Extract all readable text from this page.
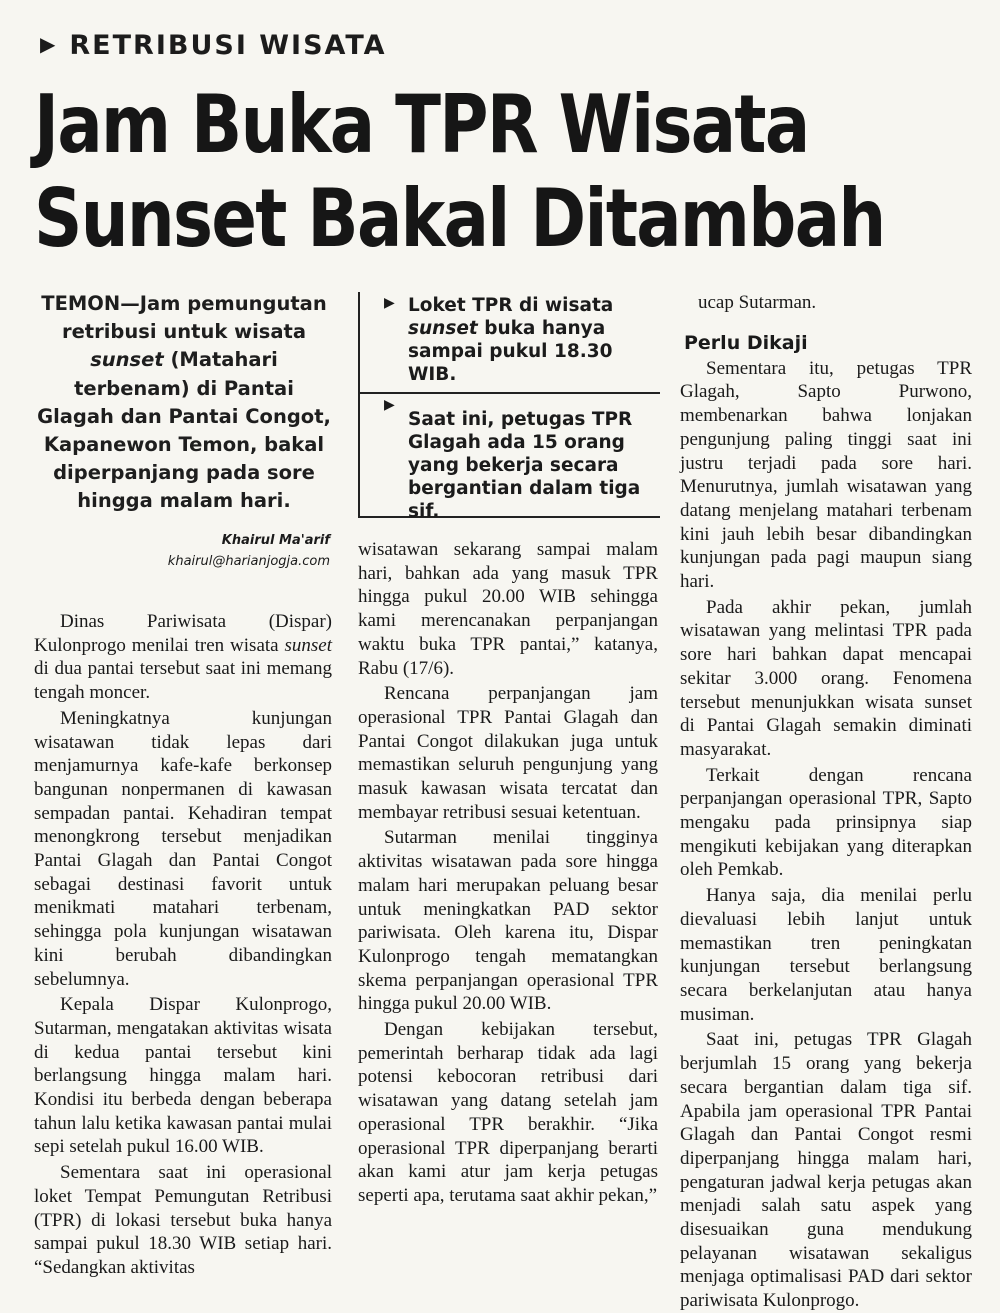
▶ RETRIBUSI WISATA
Jam Buka TPR Wisata
Sunset Bakal Ditambah
TEMON—Jam pemungutan retribusi untuk wisata sunset (Matahari terbenam) di Pantai Glagah dan Pantai Congot, Kapanewon Temon, bakal diperpanjang pada sore hingga malam hari.
Khairul Ma'arif
khairul@harianjogja.com
▶ Loket TPR di wisata sunset buka hanya sampai pukul 18.30 WIB.
▶
Saat ini, petugas TPR Glagah ada 15 orang yang bekerja secara bergantian dalam tiga sif.

Dinas Pariwisata (Dispar) Kulonprogo menilai tren wisata sunset di dua pantai tersebut saat ini memang tengah moncer.

Meningkatnya kunjungan wisatawan tidak lepas dari menjamurnya kafe-kafe berkonsep bangunan nonpermanen di kawasan sempadan pantai. Kehadiran tempat menongkrong tersebut menjadikan Pantai Glagah dan Pantai Congot sebagai destinasi favorit untuk menikmati matahari terbenam, sehingga pola kunjungan wisatawan kini berubah dibandingkan sebelumnya.

Kepala Dispar Kulonprogo, Sutarman, mengatakan aktivitas wisata di kedua pantai tersebut kini berlangsung hingga malam hari. Kondisi itu berbeda dengan beberapa tahun lalu ketika kawasan pantai mulai sepi setelah pukul 16.00 WIB.

Sementara saat ini operasional loket Tempat Pemungutan Retribusi (TPR) di lokasi tersebut buka hanya sampai pukul 18.30 WIB setiap hari. “Sedangkan aktivitas

wisatawan sekarang sampai malam hari, bahkan ada yang masuk TPR hingga pukul 20.00 WIB sehingga kami merencanakan perpanjangan waktu buka TPR pantai,” katanya, Rabu (17/6).

Rencana perpanjangan jam operasional TPR Pantai Glagah dan Pantai Congot dilakukan juga untuk memastikan seluruh pengunjung yang masuk kawasan wisata tercatat dan membayar retribusi sesuai ketentuan.

Sutarman menilai tingginya aktivitas wisatawan pada sore hingga malam hari merupakan peluang besar untuk meningkatkan PAD sektor pariwisata. Oleh karena itu, Dispar Kulonprogo tengah mematangkan skema perpanjangan operasional TPR hingga pukul 20.00 WIB.

Dengan kebijakan tersebut, pemerintah berharap tidak ada lagi potensi kebocoran retribusi dari wisatawan yang datang setelah jam operasional TPR berakhir. “Jika operasional TPR diperpanjang berarti akan kami atur jam kerja petugas seperti apa, terutama saat akhir pekan,”

ucap Sutarman.

Perlu Dikaji

Sementara itu, petugas TPR Glagah, Sapto Purwono, membenarkan bahwa lonjakan pengunjung paling tinggi saat ini justru terjadi pada sore hari. Menurutnya, jumlah wisatawan yang datang menjelang matahari terbenam kini jauh lebih besar dibandingkan kunjungan pada pagi maupun siang hari.

Pada akhir pekan, jumlah wisatawan yang melintasi TPR pada sore hari bahkan dapat mencapai sekitar 3.000 orang. Fenomena tersebut menunjukkan wisata sunset di Pantai Glagah semakin diminati masyarakat.

Terkait dengan rencana perpanjangan operasional TPR, Sapto mengaku pada prinsipnya siap mengikuti kebijakan yang diterapkan oleh Pemkab.

Hanya saja, dia menilai perlu dievaluasi lebih lanjut untuk memastikan tren peningkatan kunjungan tersebut berlangsung secara berkelanjutan atau hanya musiman.

Saat ini, petugas TPR Glagah berjumlah 15 orang yang bekerja secara bergantian dalam tiga sif. Apabila jam operasional TPR Pantai Glagah dan Pantai Congot resmi diperpanjang hingga malam hari, pengaturan jadwal kerja petugas akan menjadi salah satu aspek yang disesuaikan guna mendukung pelayanan wisatawan sekaligus menjaga optimalisasi PAD dari sektor pariwisata Kulonprogo.
